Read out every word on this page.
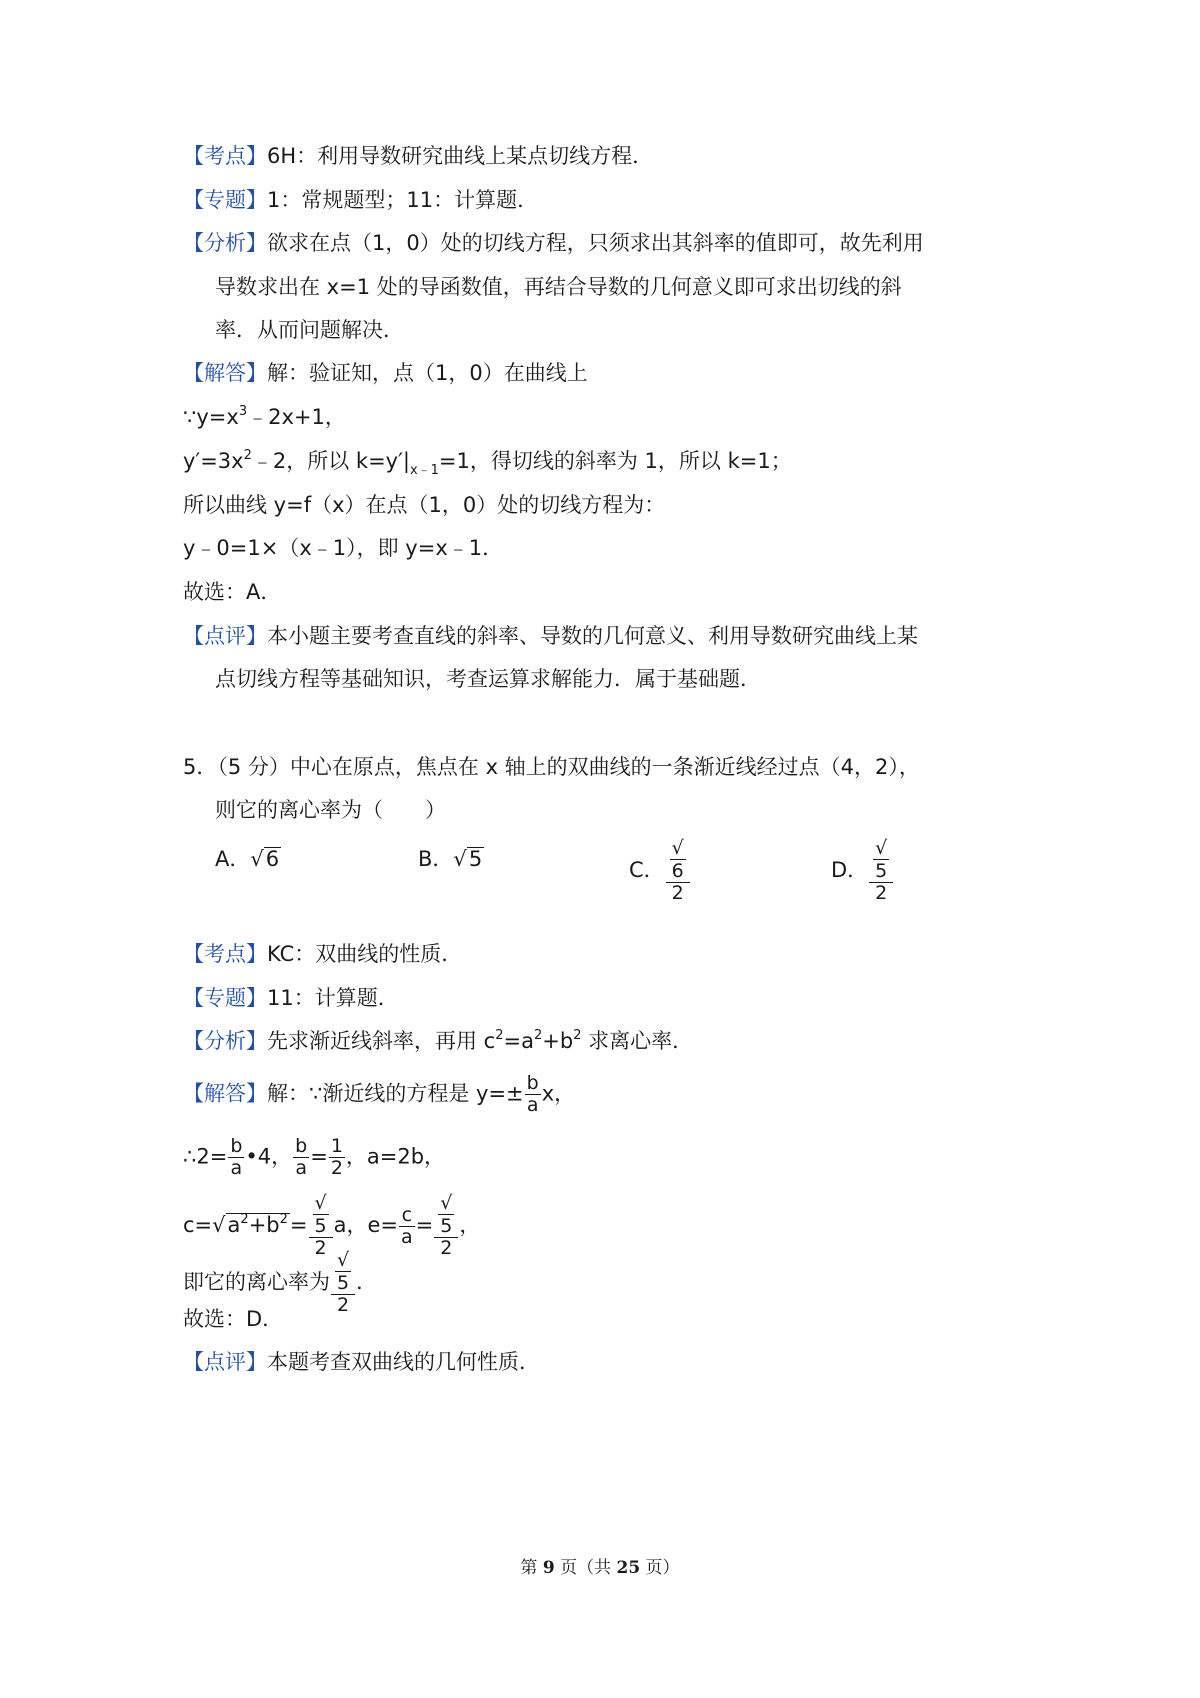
【考点】6H：利用导数研究曲线上某点切线方程．
【专题】1：常规题型；11：计算题．
【分析】欲求在点（1，0）处的切线方程，只须求出其斜率的值即可，故先利用
导数求出在 x=1 处的导函数值，再结合导数的几何意义即可求出切线的斜
率．从而问题解决．
【解答】解：验证知，点（1，0）在曲线上
$\because y=x^3﹣2x+1$，
$y'=3x^2﹣2$，所以 $k=y'|_{x﹣1}=1$，得切线的斜率为 1，所以 k=1；
所以曲线 y=f（x）在点（1，0）处的切线方程为：
y﹣0=1×（x﹣1），即 y=x﹣1．
故选：A．
【点评】本小题主要考查直线的斜率、导数的几何意义、利用导数研究曲线上某
点切线方程等基础知识，考查运算求解能力．属于基础题．
5．（5 分）中心在原点，焦点在 x 轴上的双曲线的一条渐近线经过点（4，2），
则它的离心率为（　　）
A．√6	B．√5	C． √
6
2	D． √
5
2
【考点】KC：双曲线的性质．
【专题】11：计算题．
【分析】先求渐近线斜率，再用 $c^2=a^2+b^2$ 求离心率．
【解答】解：∵渐近线的方程是 $y=\pm \frac{b}{a}$ x，
∴2= $\frac{b}{a}$ •4， $\frac{b}{a} = \frac{1}{2}$ ，a=2b，
$c=√a^2+b^2=$ √
5
2 a，$e= \frac{c}{a}$ = √
5
2 ，
即它的离心率为 √
5
2 ．
故选：D．
【点评】本题考查双曲线的几何性质．
第 9 页（共 25 页）
